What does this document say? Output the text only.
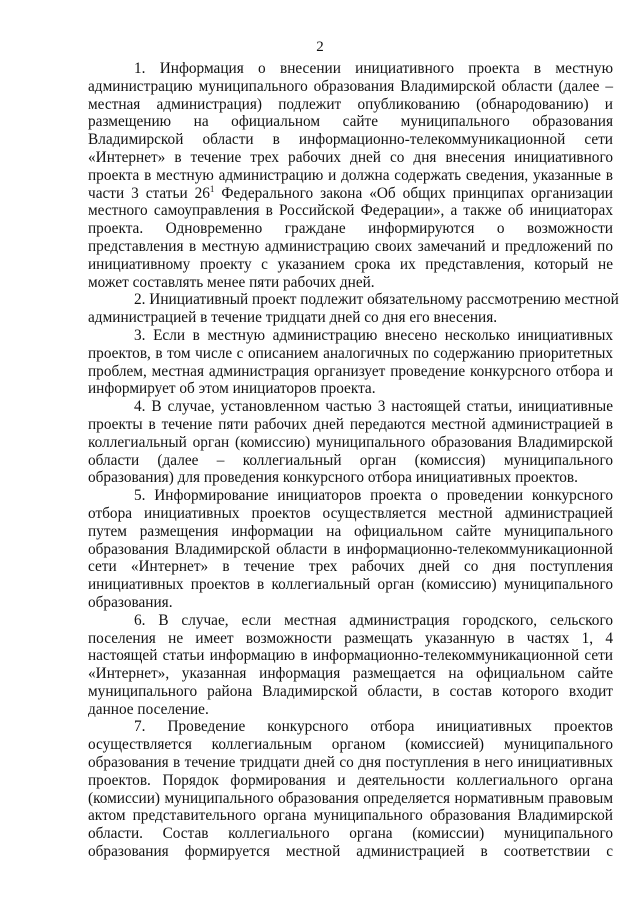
2
1. Информация о внесении инициативного проекта в местную
администрацию муниципального образования Владимирской области (далее –
местная администрация) подлежит опубликованию (обнародованию) и
размещению на официальном сайте муниципального образования
Владимирской области в информационно-телекоммуникационной сети
«Интернет» в течение трех рабочих дней со дня внесения инициативного
проекта в местную администрацию и должна содержать сведения, указанные в
части 3 статьи $26^1$ Федерального закона «Об общих принципах организации
местного самоуправления в Российской Федерации», а также об инициаторах
проекта. Одновременно граждане информируются о возможности
представления в местную администрацию своих замечаний и предложений по
инициативному проекту с указанием срока их представления, который не
может составлять менее пяти рабочих дней.
2. Инициативный проект подлежит обязательному рассмотрению местной
администрацией в течение тридцати дней со дня его внесения.
3. Если в местную администрацию внесено несколько инициативных
проектов, в том числе с описанием аналогичных по содержанию приоритетных
проблем, местная администрация организует проведение конкурсного отбора и
информирует об этом инициаторов проекта.
4. В случае, установленном частью 3 настоящей статьи, инициативные
проекты в течение пяти рабочих дней передаются местной администрацией в
коллегиальный орган (комиссию) муниципального образования Владимирской
области (далее – коллегиальный орган (комиссия) муниципального
образования) для проведения конкурсного отбора инициативных проектов.
5. Информирование инициаторов проекта о проведении конкурсного
отбора инициативных проектов осуществляется местной администрацией
путем размещения информации на официальном сайте муниципального
образования Владимирской области в информационно-телекоммуникационной
сети «Интернет» в течение трех рабочих дней со дня поступления
инициативных проектов в коллегиальный орган (комиссию) муниципального
образования.
6. В случае, если местная администрация городского, сельского
поселения не имеет возможности размещать указанную в частях 1, 4
настоящей статьи информацию в информационно-телекоммуникационной сети
«Интернет», указанная информация размещается на официальном сайте
муниципального района Владимирской области, в состав которого входит
данное поселение.
7. Проведение конкурсного отбора инициативных проектов
осуществляется коллегиальным органом (комиссией) муниципального
образования в течение тридцати дней со дня поступления в него инициативных
проектов. Порядок формирования и деятельности коллегиального органа
(комиссии) муниципального образования определяется нормативным правовым
актом представительного органа муниципального образования Владимирской
области. Состав коллегиального органа (комиссии) муниципального
образования формируется местной администрацией в соответствии с
